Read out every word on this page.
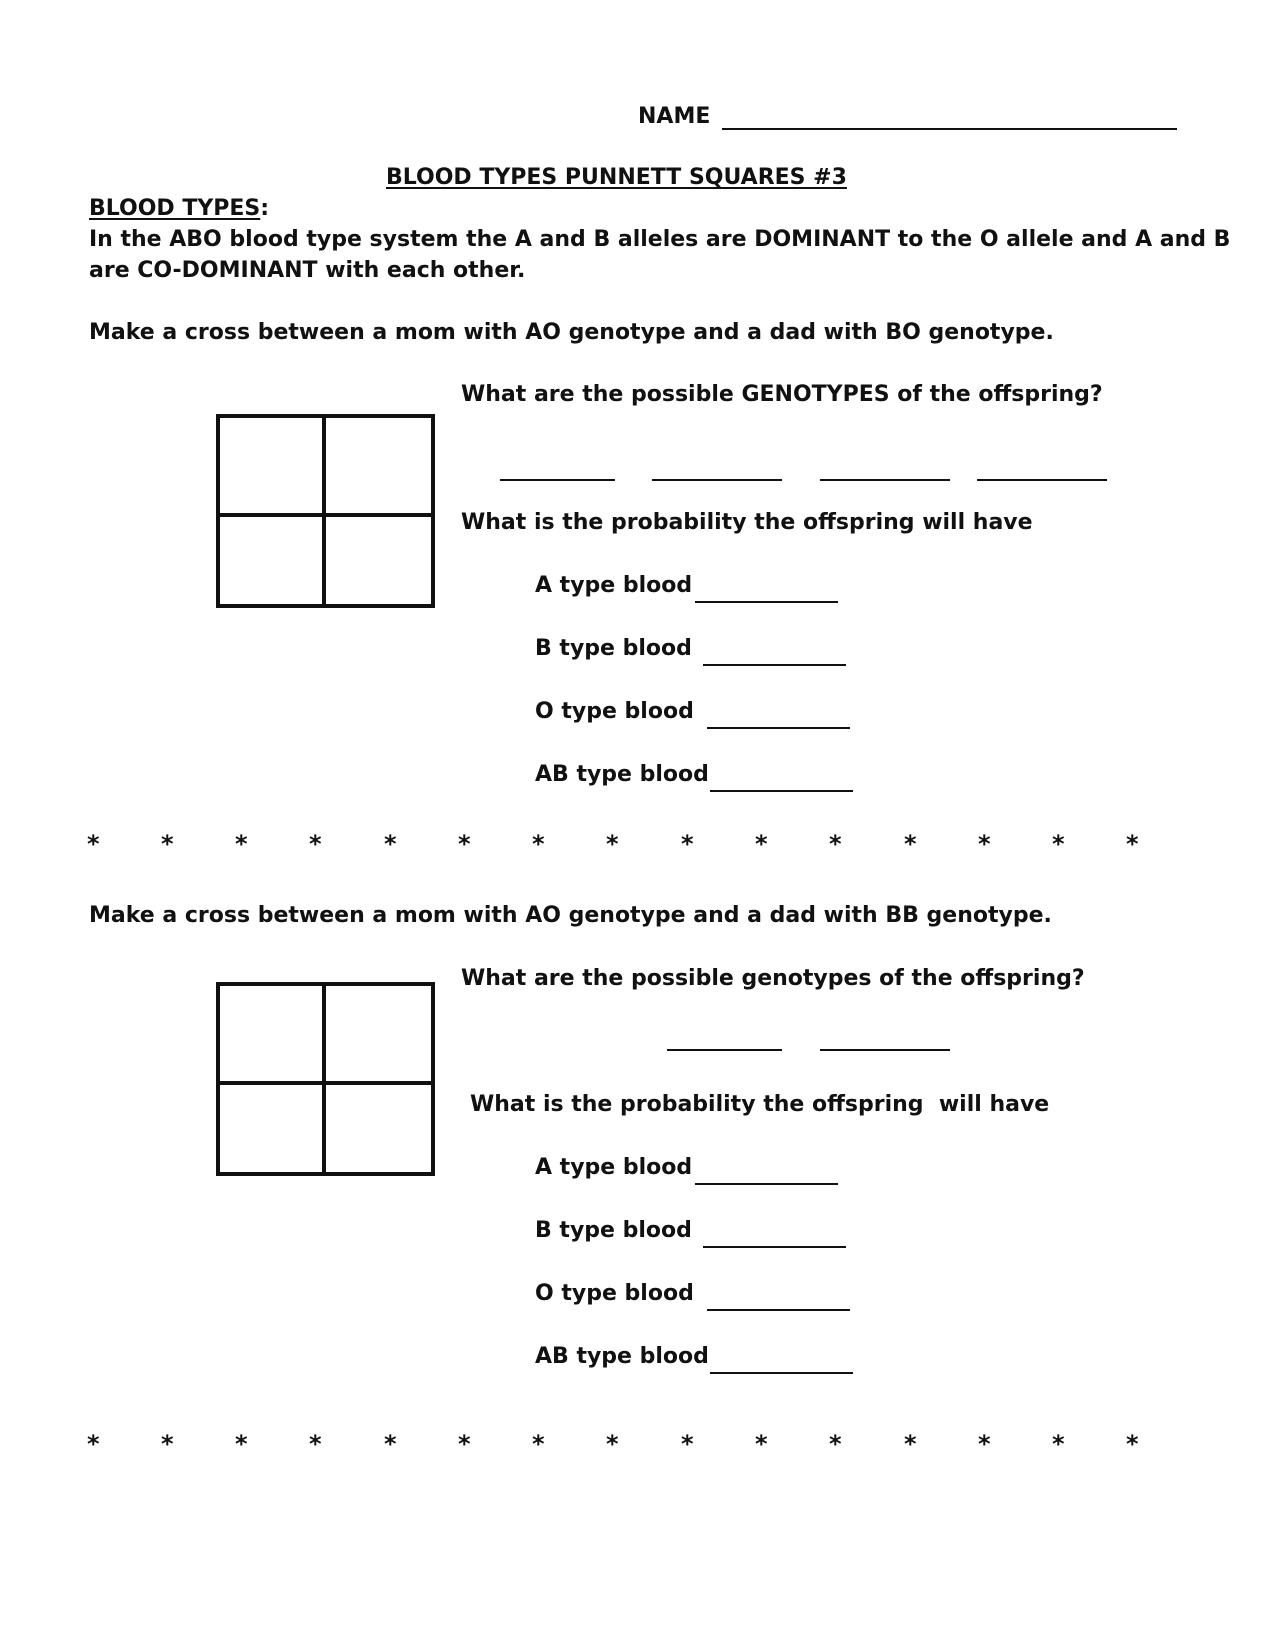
NAME
BLOOD TYPES PUNNETT SQUARES #3
BLOOD TYPES:
In the ABO blood type system the A and B alleles are DOMINANT to the O allele and A and B
are CO-DOMINANT with each other.
Make a cross between a mom with AO genotype and a dad with BO genotype.
What are the possible GENOTYPES of the offspring?
What is the probability the offspring will have
A type blood
B type blood
O type blood
AB type blood
*	*	*	*	*	*	*	*	*	*	*	*	*	*	*
Make a cross between a mom with AO genotype and a dad with BB genotype.
What are the possible genotypes of the offspring?
What is the probability the offspring  will have
A type blood
B type blood
O type blood
AB type blood
*	*	*	*	*	*	*	*	*	*	*	*	*	*	*
